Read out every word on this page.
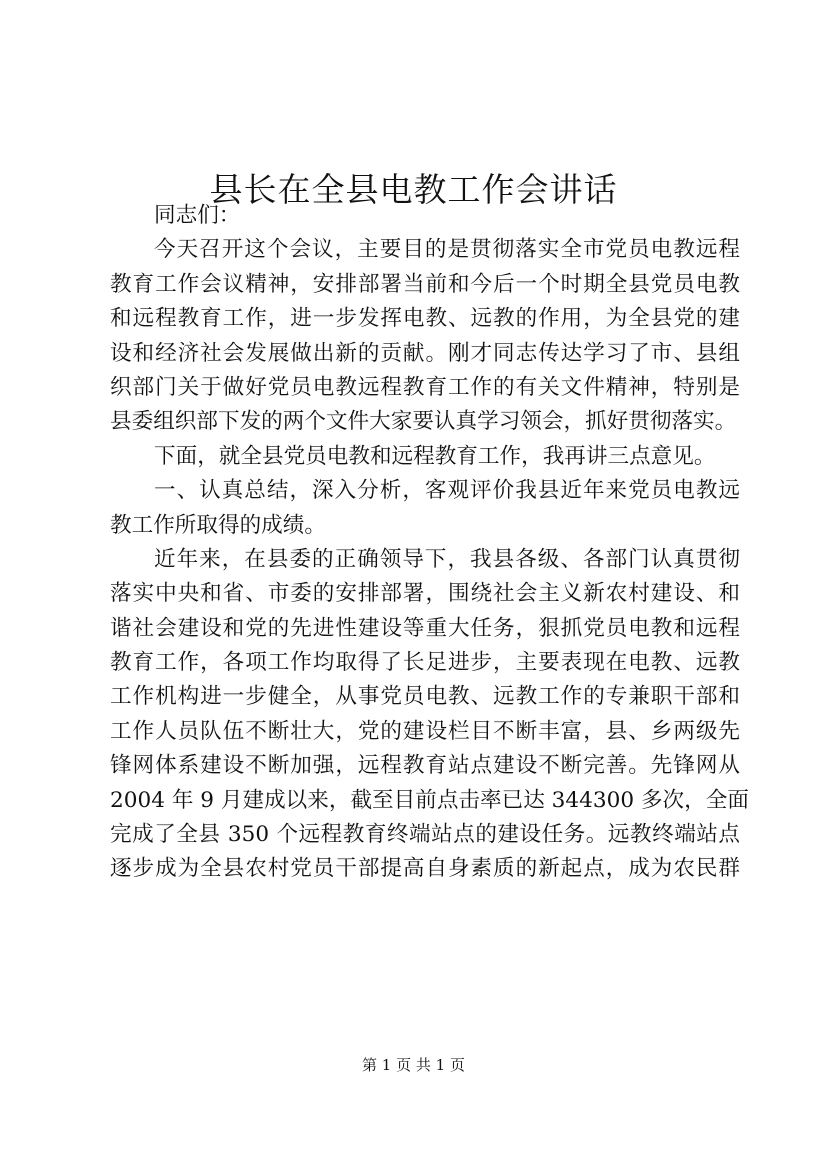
县长在全县电教工作会讲话
同志们：
今天召开这个会议，主要目的是贯彻落实全市党员电教远程
教育工作会议精神，安排部署当前和今后一个时期全县党员电教
和远程教育工作，进一步发挥电教、远教的作用，为全县党的建
设和经济社会发展做出新的贡献。刚才同志传达学习了市、县组
织部门关于做好党员电教远程教育工作的有关文件精神，特别是
县委组织部下发的两个文件大家要认真学习领会，抓好贯彻落实。
下面，就全县党员电教和远程教育工作，我再讲三点意见。
一、认真总结，深入分析，客观评价我县近年来党员电教远
教工作所取得的成绩。
近年来，在县委的正确领导下，我县各级、各部门认真贯彻
落实中央和省、市委的安排部署，围绕社会主义新农村建设、和
谐社会建设和党的先进性建设等重大任务，狠抓党员电教和远程
教育工作，各项工作均取得了长足进步，主要表现在电教、远教
工作机构进一步健全，从事党员电教、远教工作的专兼职干部和
工作人员队伍不断壮大，党的建设栏目不断丰富，县、乡两级先
锋网体系建设不断加强，远程教育站点建设不断完善。先锋网从
2004 年 9 月建成以来，截至目前点击率已达 344300 多次，全面
完成了全县 350 个远程教育终端站点的建设任务。远教终端站点
逐步成为全县农村党员干部提高自身素质的新起点，成为农民群
第 1 页 共 1 页
